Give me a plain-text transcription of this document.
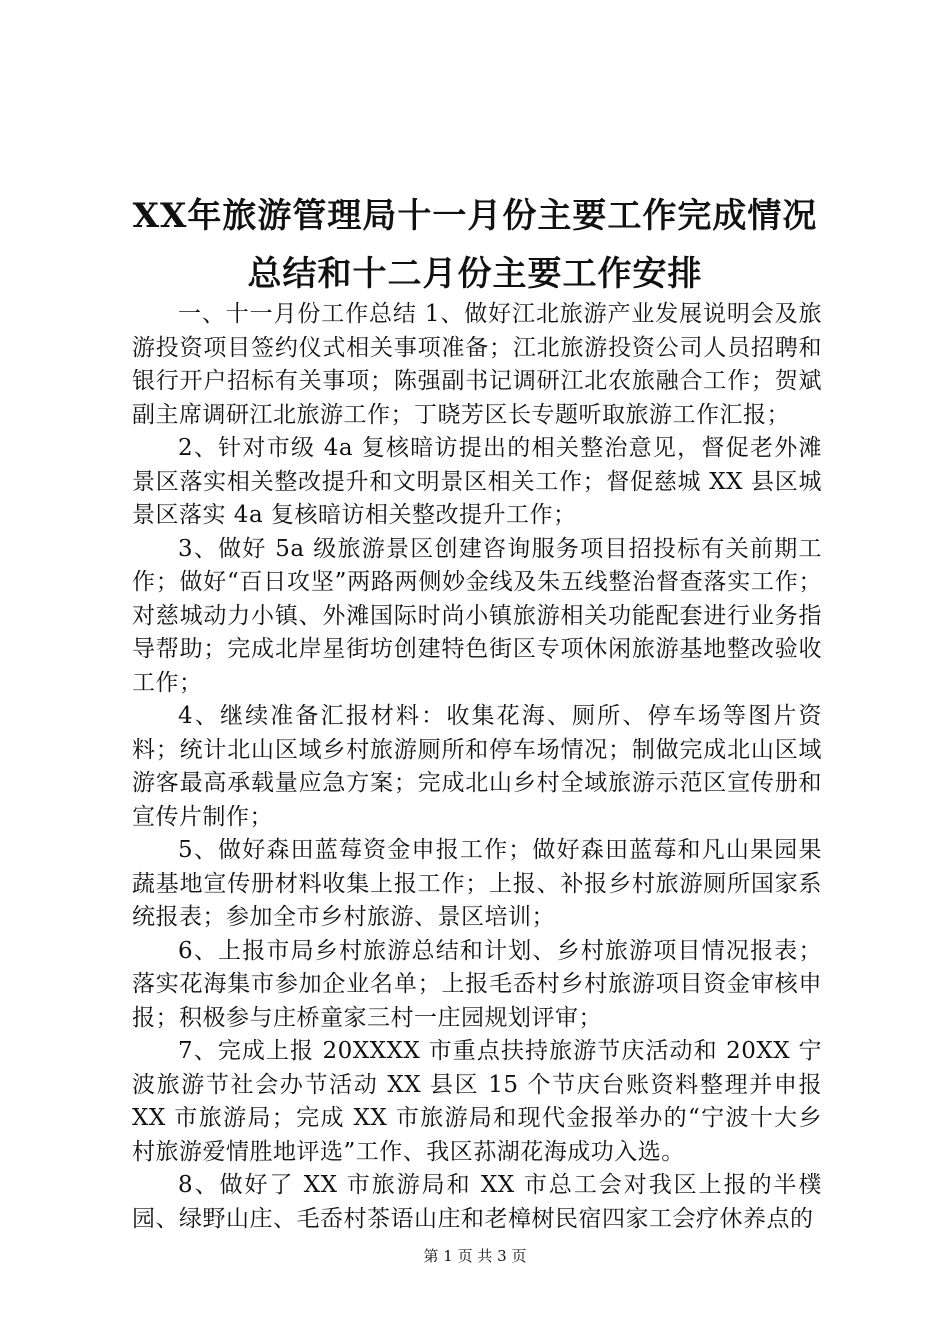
XX年旅游管理局十一月份主要工作完成情况
总结和十二月份主要工作安排

一、十一月份工作总结 1、做好江北旅游产业发展说明会及旅游投资项目签约仪式相关事项准备；江北旅游投资公司人员招聘和银行开户招标有关事项；陈强副书记调研江北农旅融合工作；贺斌副主席调研江北旅游工作；丁晓芳区长专题听取旅游工作汇报；

2、针对市级 4a 复核暗访提出的相关整治意见，督促老外滩景区落实相关整改提升和文明景区相关工作；督促慈城 XX 县区城景区落实 4a 复核暗访相关整改提升工作；

3、做好 5a 级旅游景区创建咨询服务项目招投标有关前期工作；做好“百日攻坚”两路两侧妙金线及朱五线整治督查落实工作；对慈城动力小镇、外滩国际时尚小镇旅游相关功能配套进行业务指导帮助；完成北岸星街坊创建特色街区专项休闲旅游基地整改验收工作；

4、继续准备汇报材料：收集花海、厕所、停车场等图片资料；统计北山区域乡村旅游厕所和停车场情况；制做完成北山区域游客最高承载量应急方案；完成北山乡村全域旅游示范区宣传册和宣传片制作；

5、做好森田蓝莓资金申报工作；做好森田蓝莓和凡山果园果蔬基地宣传册材料收集上报工作；上报、补报乡村旅游厕所国家系统报表；参加全市乡村旅游、景区培训；

6、上报市局乡村旅游总结和计划、乡村旅游项目情况报表；落实花海集市参加企业名单；上报毛岙村乡村旅游项目资金审核申报；积极参与庄桥童家三村一庄园规划评审；

7、完成上报 20XXXX 市重点扶持旅游节庆活动和 20XX 宁波旅游节社会办节活动 XX 县区 15 个节庆台账资料整理并申报 XX 市旅游局；完成 XX 市旅游局和现代金报举办的“宁波十大乡村旅游爱情胜地评选”工作、我区荪湖花海成功入选。

8、做好了 XX 市旅游局和 XX 市总工会对我区上报的半樸园、绿野山庄、毛岙村茶语山庄和老樟树民宿四家工会疗休养点的

第 1 页 共 3 页
